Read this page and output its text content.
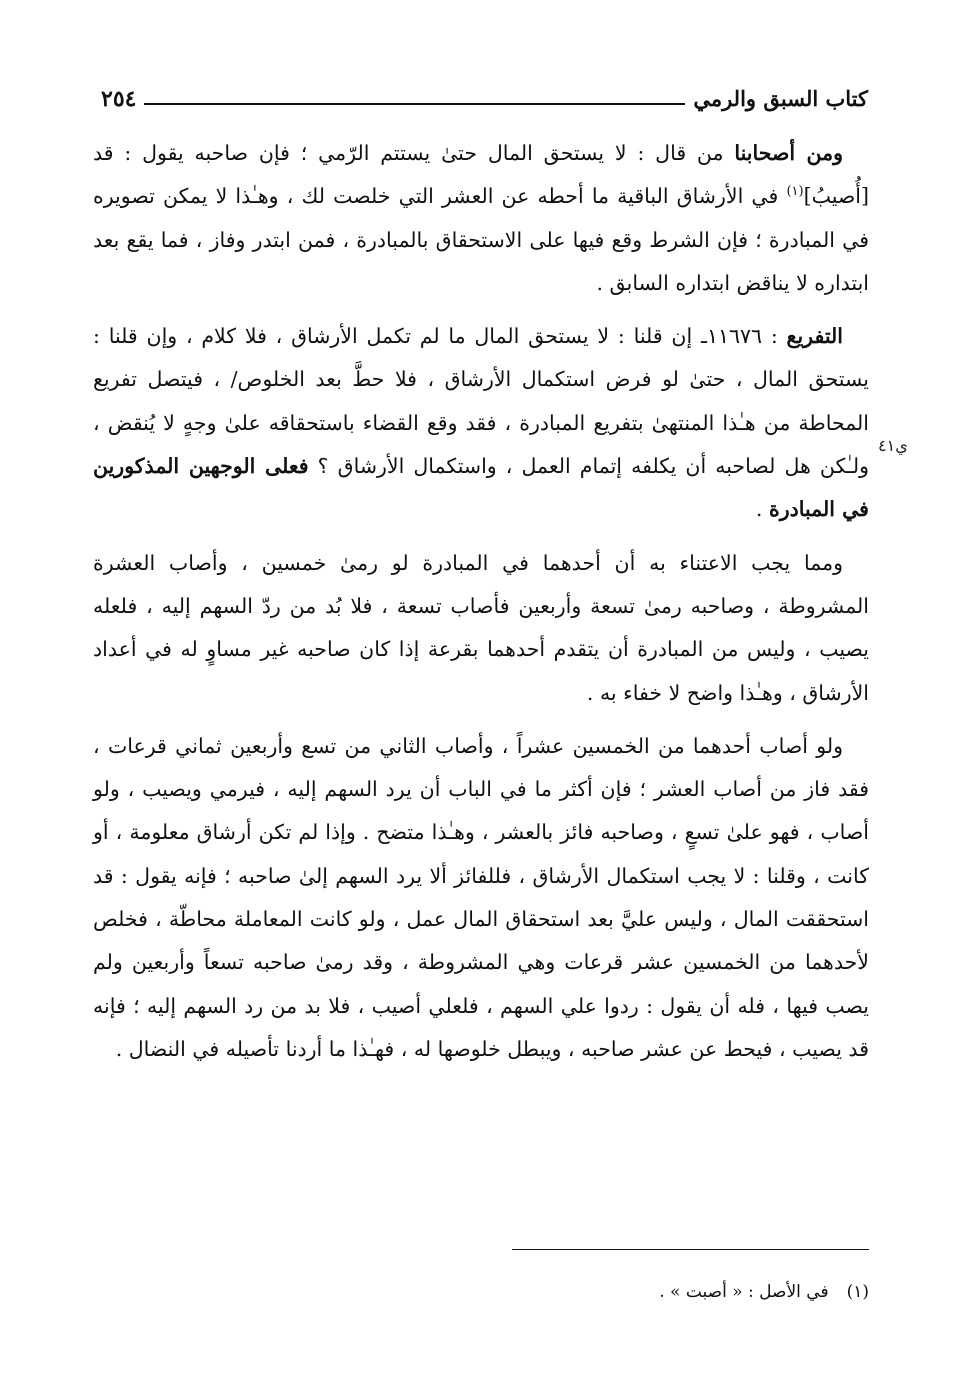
٢٥٤	كتاب السبق والرمي
ي٤١

ومن أصحابنا من قال : لا يستحق المال حتىٰ يستتم الرّمي ؛ فإن صاحبه يقول : قد [أُصيبُ]$^{(١)}$ في الأرشاق الباقية ما أحطه عن العشر التي خلصت لك ، وهـٰذا لا يمكن تصويره في المبادرة ؛ فإن الشرط وقع فيها على الاستحقاق بالمبادرة ، فمن ابتدر وفاز ، فما يقع بعد ابتداره لا يناقض ابتداره السابق .

التفريع : ١١٦٧٦ـ إن قلنا : لا يستحق المال ما لم تكمل الأرشاق ، فلا كلام ، وإن قلنا : يستحق المال ، حتىٰ لو فرض استكمال الأرشاق ، فلا حطَّ بعد الخلوص/ ، فيتصل تفريع المحاطة من هـٰذا المنتهىٰ بتفريع المبادرة ، فقد وقع القضاء باستحقاقه علىٰ وجهٍ لا يُنقض ، ولـٰكن هل لصاحبه أن يكلفه إتمام العمل ، واستكمال الأرشاق ؟ فعلى الوجهين المذكورين في المبادرة .

ومما يجب الاعتناء به أن أحدهما في المبادرة لو رمىٰ خمسين ، وأصاب العشرة المشروطة ، وصاحبه رمىٰ تسعة وأربعين فأصاب تسعة ، فلا بُد من ردّ السهم إليه ، فلعله يصيب ، وليس من المبادرة أن يتقدم أحدهما بقرعة إذا كان صاحبه غير مساوٍ له في أعداد الأرشاق ، وهـٰذا واضح لا خفاء به .

ولو أصاب أحدهما من الخمسين عشراً ، وأصاب الثاني من تسع وأربعين ثماني قرعات ، فقد فاز من أصاب العشر ؛ فإن أكثر ما في الباب أن يرد السهم إليه ، فيرمي ويصيب ، ولو أصاب ، فهو علىٰ تسعٍ ، وصاحبه فائز بالعشر ، وهـٰذا متضح . وإذا لم تكن أرشاق معلومة ، أو كانت ، وقلنا : لا يجب استكمال الأرشاق ، فللفائز ألا يرد السهم إلىٰ صاحبه ؛ فإنه يقول : قد استحققت المال ، وليس عليَّ بعد استحقاق المال عمل ، ولو كانت المعاملة محاطّة ، فخلص لأحدهما من الخمسين عشر قرعات وهي المشروطة ، وقد رمىٰ صاحبه تسعاً وأربعين ولم يصب فيها ، فله أن يقول : ردوا علي السهم ، فلعلي أصيب ، فلا بد من رد السهم إليه ؛ فإنه قد يصيب ، فيحط عن عشر صاحبه ، ويبطل خلوصها له ، فهـٰذا ما أردنا تأصيله في النضال .

(١)في الأصل : « أصبت » .
